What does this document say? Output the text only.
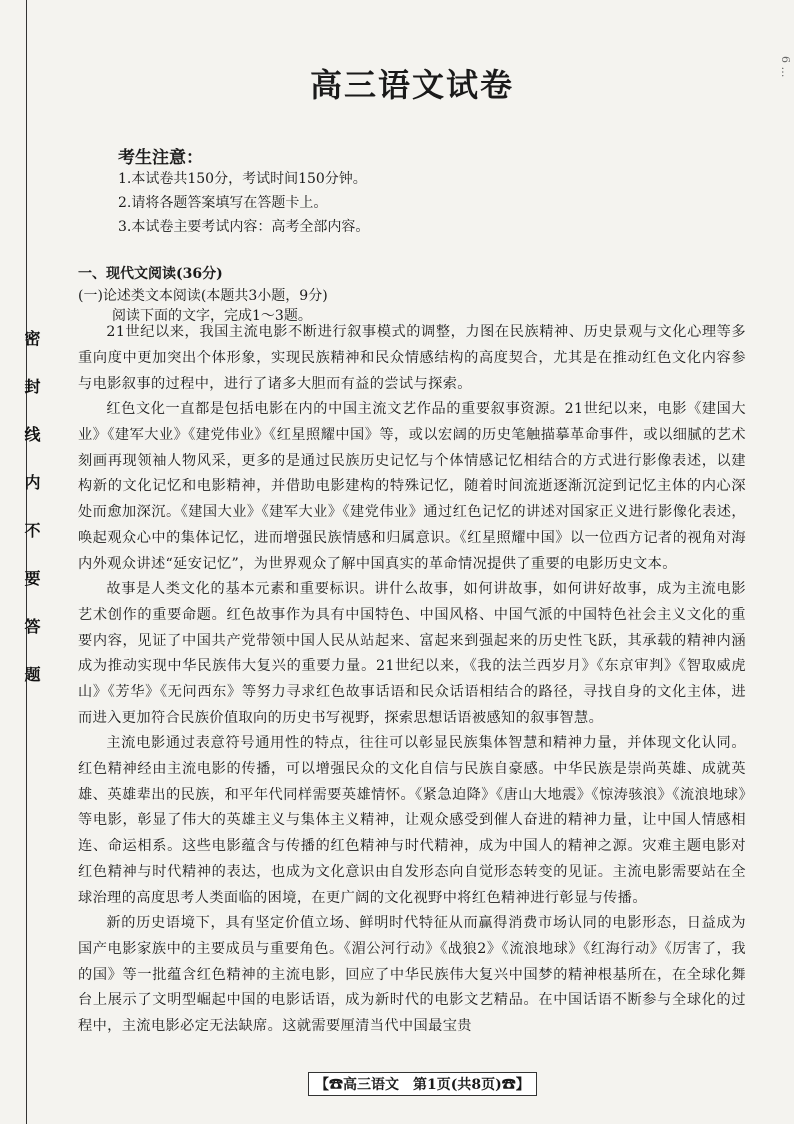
密封线内不要答题
6 …
高三语文试卷
考生注意：
1.本试卷共150分，考试时间150分钟。
2.请将各题答案填写在答题卡上。
3.本试卷主要考试内容：高考全部内容。
一、现代文阅读(36分)
(一)论述类文本阅读(本题共3小题，9分)
阅读下面的文字，完成1～3题。
21世纪以来，我国主流电影不断进行叙事模式的调整，力图在民族精神、历史景观与文化心理等多重向度中更加突出个体形象，实现民族精神和民众情感结构的高度契合，尤其是在推动红色文化内容参与电影叙事的过程中，进行了诸多大胆而有益的尝试与探索。
红色文化一直都是包括电影在内的中国主流文艺作品的重要叙事资源。21世纪以来，电影《建国大业》《建军大业》《建党伟业》《红星照耀中国》等，或以宏阔的历史笔触描摹革命事件，或以细腻的艺术刻画再现领袖人物风采，更多的是通过民族历史记忆与个体情感记忆相结合的方式进行影像表述，以建构新的文化记忆和电影精神，并借助电影建构的特殊记忆，随着时间流逝逐渐沉淀到记忆主体的内心深处而愈加深沉。《建国大业》《建军大业》《建党伟业》通过红色记忆的讲述对国家正义进行影像化表述，唤起观众心中的集体记忆，进而增强民族情感和归属意识。《红星照耀中国》以一位西方记者的视角对海内外观众讲述“延安记忆”，为世界观众了解中国真实的革命情况提供了重要的电影历史文本。
故事是人类文化的基本元素和重要标识。讲什么故事，如何讲故事，如何讲好故事，成为主流电影艺术创作的重要命题。红色故事作为具有中国特色、中国风格、中国气派的中国特色社会主义文化的重要内容，见证了中国共产党带领中国人民从站起来、富起来到强起来的历史性飞跃，其承载的精神内涵成为推动实现中华民族伟大复兴的重要力量。21世纪以来，《我的法兰西岁月》《东京审判》《智取威虎山》《芳华》《无问西东》等努力寻求红色故事话语和民众话语相结合的路径，寻找自身的文化主体，进而进入更加符合民族价值取向的历史书写视野，探索思想话语被感知的叙事智慧。
主流电影通过表意符号通用性的特点，往往可以彰显民族集体智慧和精神力量，并体现文化认同。红色精神经由主流电影的传播，可以增强民众的文化自信与民族自豪感。中华民族是崇尚英雄、成就英雄、英雄辈出的民族，和平年代同样需要英雄情怀。《紧急迫降》《唐山大地震》《惊涛骇浪》《流浪地球》等电影，彰显了伟大的英雄主义与集体主义精神，让观众感受到催人奋进的精神力量，让中国人情感相连、命运相系。这些电影蕴含与传播的红色精神与时代精神，成为中国人的精神之源。灾难主题电影对红色精神与时代精神的表达，也成为文化意识由自发形态向自觉形态转变的见证。主流电影需要站在全球治理的高度思考人类面临的困境，在更广阔的文化视野中将红色精神进行彰显与传播。
新的历史语境下，具有坚定价值立场、鲜明时代特征从而赢得消费市场认同的电影形态，日益成为国产电影家族中的主要成员与重要角色。《湄公河行动》《战狼2》《流浪地球》《红海行动》《厉害了，我的国》等一批蕴含红色精神的主流电影，回应了中华民族伟大复兴中国梦的精神根基所在，在全球化舞台上展示了文明型崛起中国的电影话语，成为新时代的电影文艺精品。在中国话语不断参与全球化的过程中，主流电影必定无法缺席。这就需要厘清当代中国最宝贵
【☎高三语文　第1页(共8页)☎】
